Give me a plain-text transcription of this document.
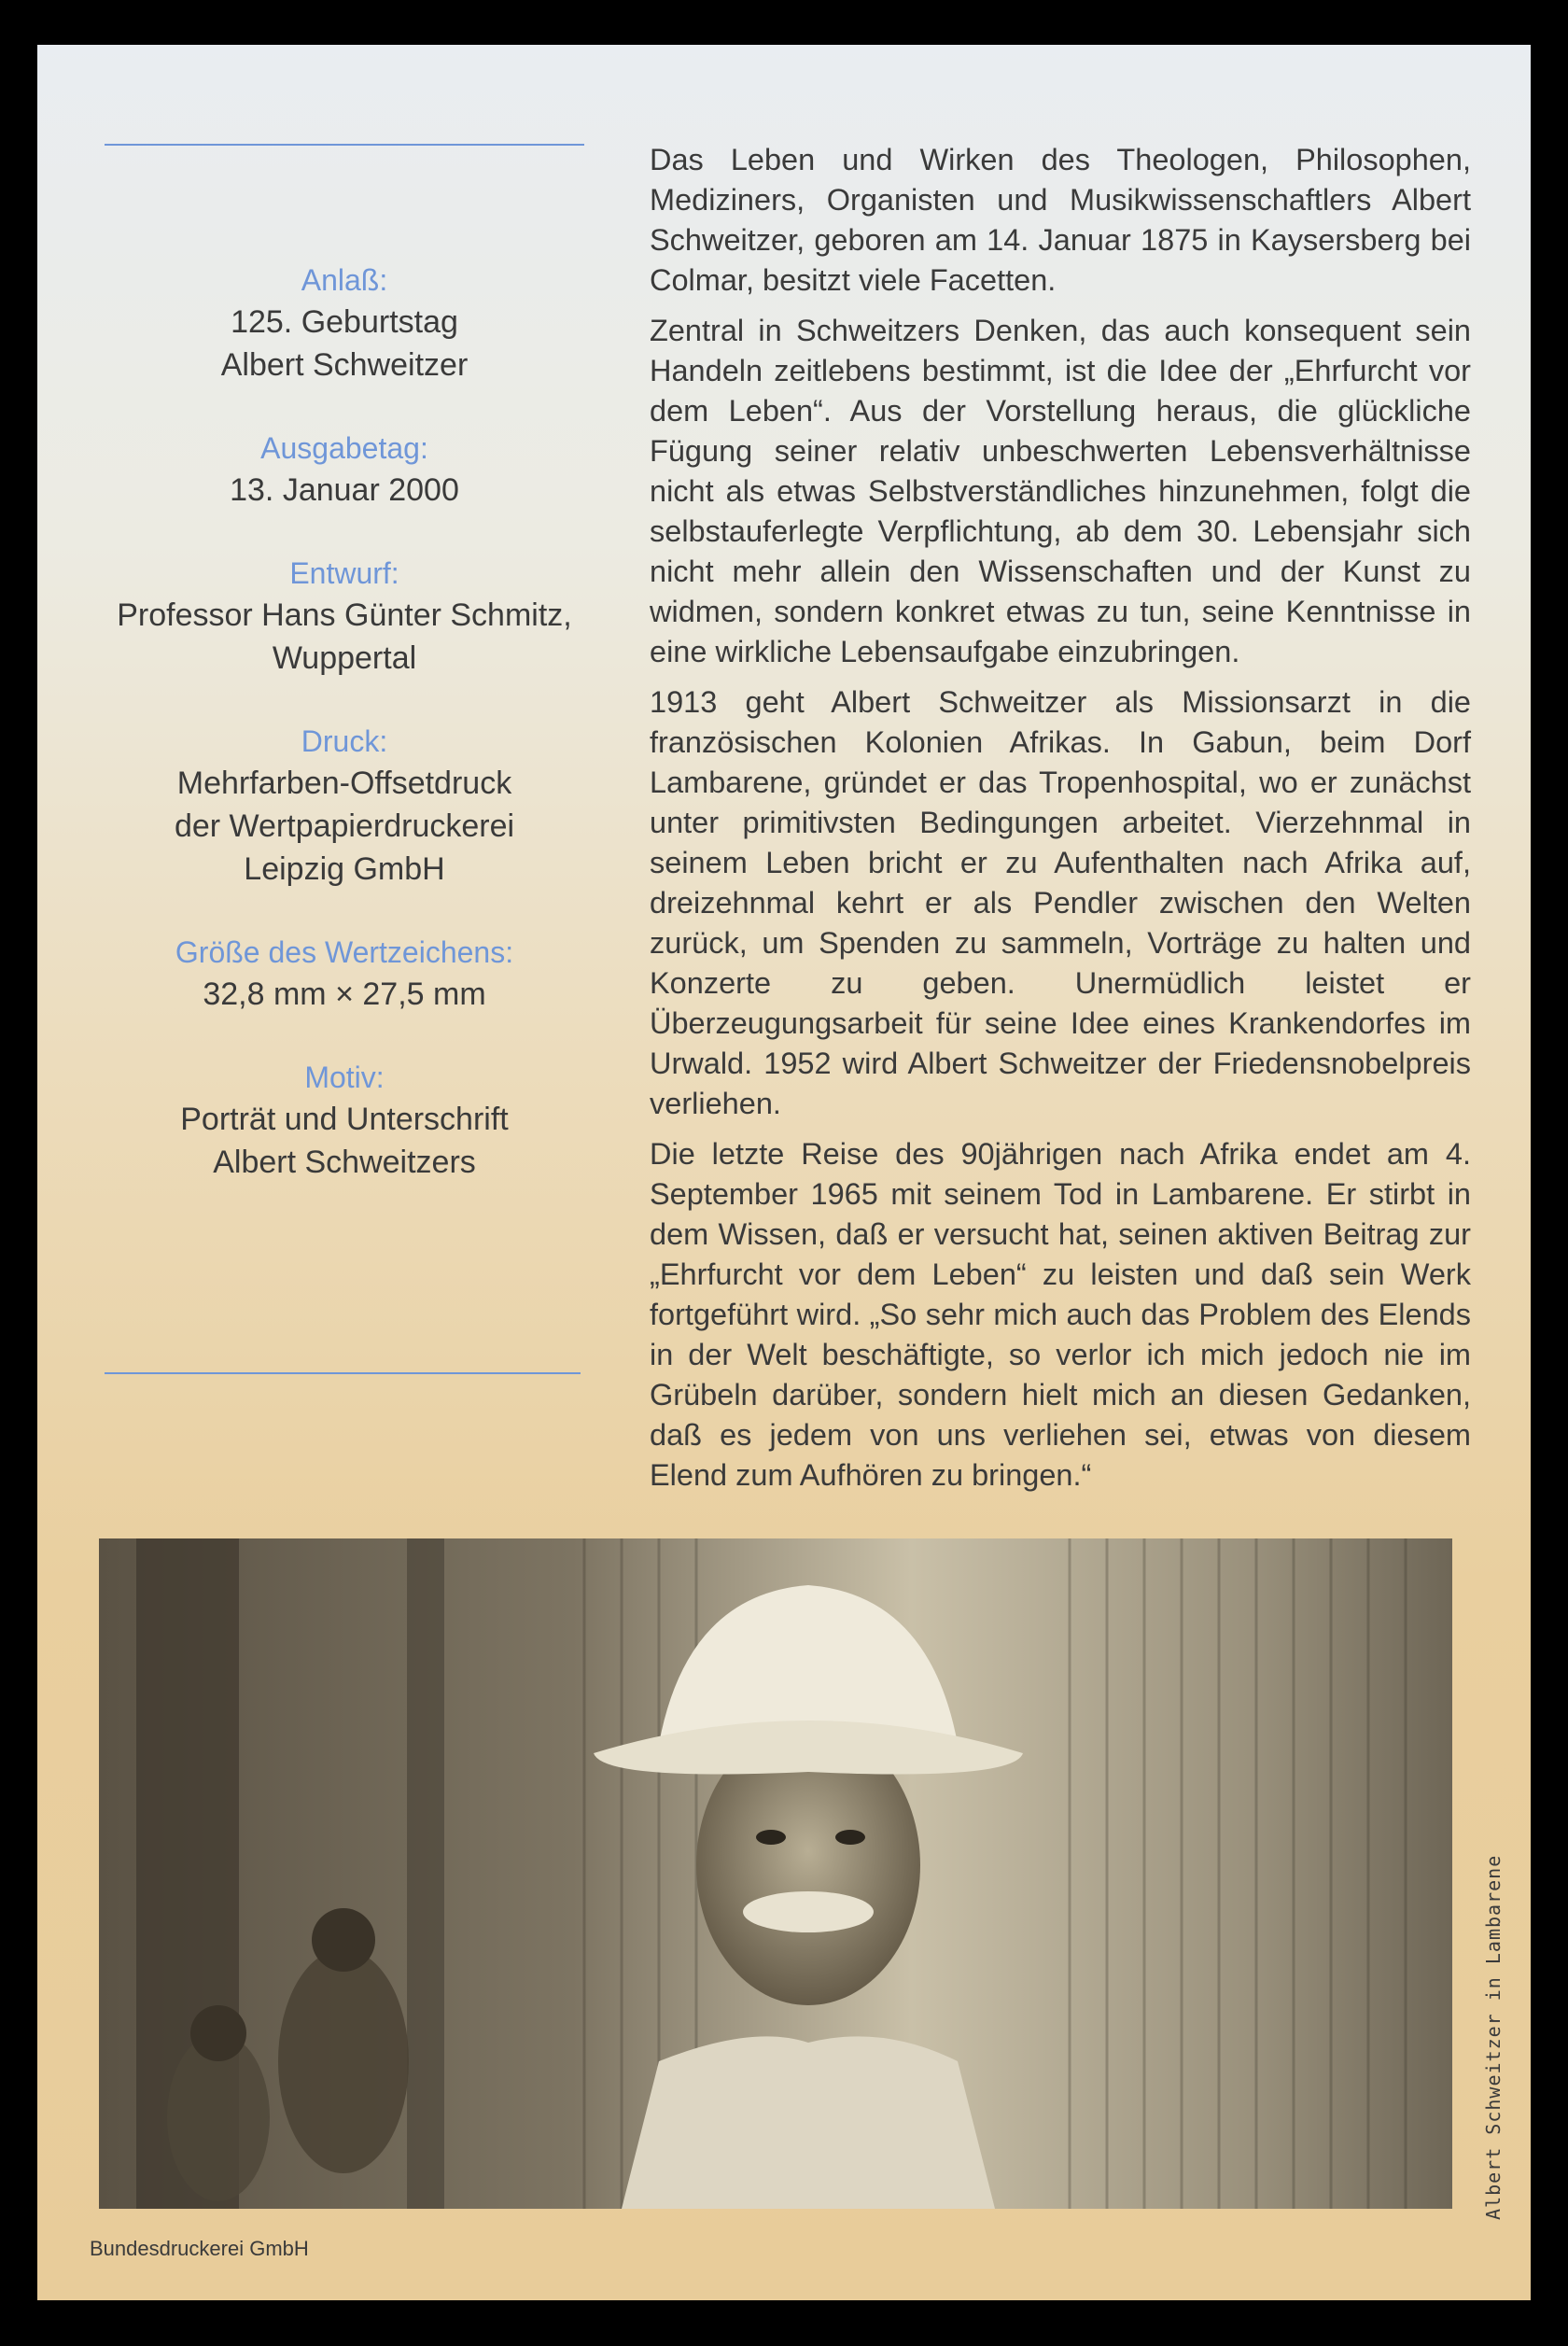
Anlaß:
125. Geburtstag
Albert Schweitzer
Ausgabetag:
13. Januar 2000
Entwurf:
Professor Hans Günter Schmitz,
Wuppertal
Druck:
Mehrfarben-Offsetdruck
der Wertpapierdruckerei
Leipzig GmbH
Größe des Wertzeichens:
32,8 mm × 27,5 mm
Motiv:
Porträt und Unterschrift
Albert Schweitzers

Das Leben und Wirken des Theologen, Philosophen, Mediziners, Organisten und Musikwissenschaftlers Albert Schweitzer, geboren am 14. Januar 1875 in Kaysersberg bei Colmar, besitzt viele Facetten.

Zentral in Schweitzers Denken, das auch konsequent sein Handeln zeitlebens bestimmt, ist die Idee der „Ehrfurcht vor dem Leben“. Aus der Vorstellung heraus, die glückliche Fügung seiner relativ unbeschwerten Lebensverhältnisse nicht als etwas Selbstverständliches hinzunehmen, folgt die selbstauferlegte Verpflichtung, ab dem 30. Lebensjahr sich nicht mehr allein den Wissenschaften und der Kunst zu widmen, sondern konkret etwas zu tun, seine Kenntnisse in eine wirkliche Lebensaufgabe einzubringen.

1913 geht Albert Schweitzer als Missionsarzt in die französischen Kolonien Afrikas. In Gabun, beim Dorf Lambarene, gründet er das Tropenhospital, wo er zunächst unter primitivsten Bedingungen arbeitet. Vierzehnmal in seinem Leben bricht er zu Aufenthalten nach Afrika auf, dreizehnmal kehrt er als Pendler zwischen den Welten zurück, um Spenden zu sammeln, Vorträge zu halten und Konzerte zu geben. Unermüdlich leistet er Überzeugungsarbeit für seine Idee eines Krankendorfes im Urwald. 1952 wird Albert Schweitzer der Friedensnobelpreis verliehen.

Die letzte Reise des 90jährigen nach Afrika endet am 4. September 1965 mit seinem Tod in Lambarene. Er stirbt in dem Wissen, daß er versucht hat, seinen aktiven Beitrag zur „Ehrfurcht vor dem Leben“ zu leisten und daß sein Werk fortgeführt wird. „So sehr mich auch das Problem des Elends in der Welt beschäftigte, so verlor ich mich jedoch nie im Grübeln darüber, sondern hielt mich an diesen Gedanken, daß es jedem von uns verliehen sei, etwas von diesem Elend zum Aufhören zu bringen.“

Albert Schweitzer in Lambarene
Bundesdruckerei GmbH
